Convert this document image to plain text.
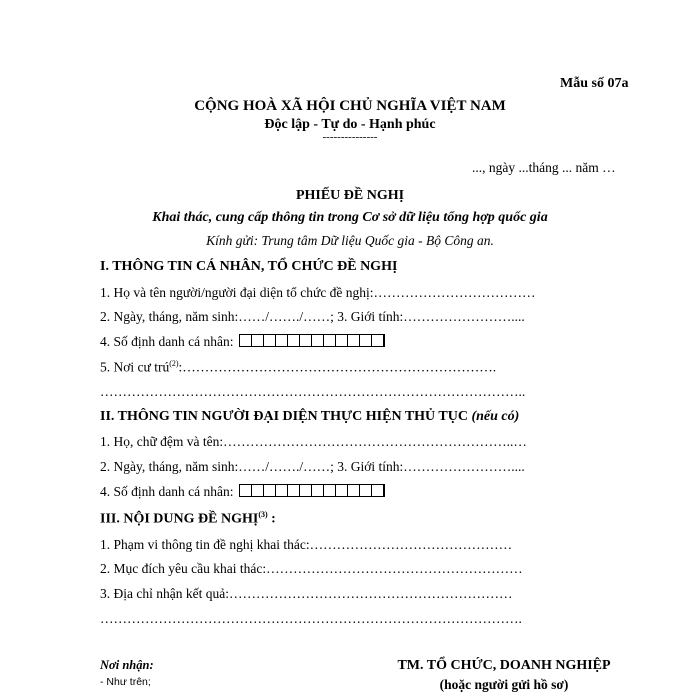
Mẫu số 07a
CỘNG HOÀ XÃ HỘI CHỦ NGHĨA VIỆT NAM
Độc lập - Tự do - Hạnh phúc
---------------
..., ngày ...tháng ... năm …
PHIẾU ĐỀ NGHỊ
Khai thác, cung cấp thông tin trong Cơ sở dữ liệu tổng hợp quốc gia
Kính gửi: Trung tâm Dữ liệu Quốc gia - Bộ Công an.
I. THÔNG TIN CÁ NHÂN, TỔ CHỨC ĐỀ NGHỊ
1. Họ và tên người/người đại diện tổ chức đề nghị:………………………………
2. Ngày, tháng, năm sinh:……/……./……; 3. Giới tính:……………………....
4. Số định danh cá nhân:
5. Nơi cư trú$^{(2)}$:…………………………………………………………….
…………………………………………………………………………………..
II. THÔNG TIN NGƯỜI ĐẠI DIỆN THỰC HIỆN THỦ TỤC (nếu có)
1. Họ, chữ đệm và tên:………………………………………………………..…
2. Ngày, tháng, năm sinh:……/……./……; 3. Giới tính:……………………....
4. Số định danh cá nhân:
III. NỘI DUNG ĐỀ NGHỊ$^{(3)}$ :
1. Phạm vi thông tin đề nghị khai thác:………………………………………
2. Mục đích yêu cầu khai thác:…………………………………………………
3. Địa chỉ nhận kết quả:………………………………………………………
………………………………………………………………………………….
Nơi nhận:
- Như trên;
TM. TỔ CHỨC, DOANH NGHIỆP
(hoặc người gửi hồ sơ)
